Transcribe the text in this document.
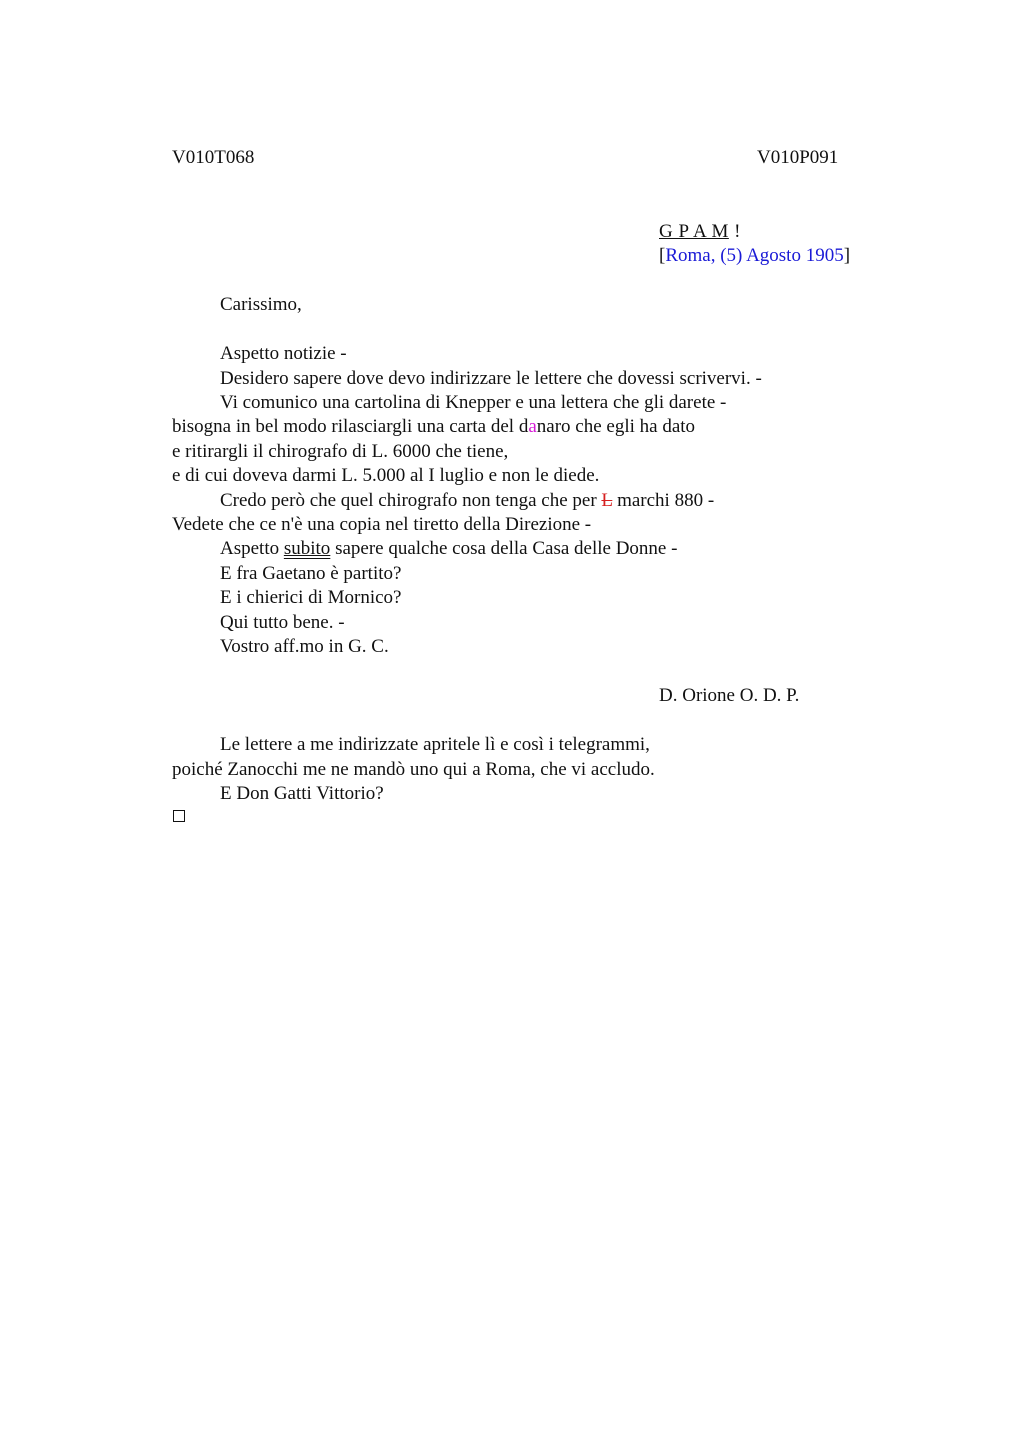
V010T068	V010P091
G P A M !
[Roma, (5) Agosto 1905]
Carissimo,
Aspetto notizie -
Desidero sapere dove devo indirizzare le lettere che dovessi scrivervi. -
Vi comunico una cartolina di Knepper e una lettera che gli darete -
bisogna in bel modo rilasciargli una carta del danaro che egli ha dato
e ritirargli il chirografo di L. 6000 che tiene,
e di cui doveva darmi L. 5.000 al I luglio e non le diede.
Credo però che quel chirografo non tenga che per L marchi 880 -
Vedete che ce n'è una copia nel tiretto della Direzione -
Aspetto subito sapere qualche cosa della Casa delle Donne -
E fra Gaetano è partito?
E i chierici di Mornico?
Qui tutto bene. -
Vostro aff.mo in G. C.
D. Orione O. D. P.
Le lettere a me indirizzate apritele lì e così i telegrammi,
poiché Zanocchi me ne mandò uno qui a Roma, che vi accludo.
E Don Gatti Vittorio?
